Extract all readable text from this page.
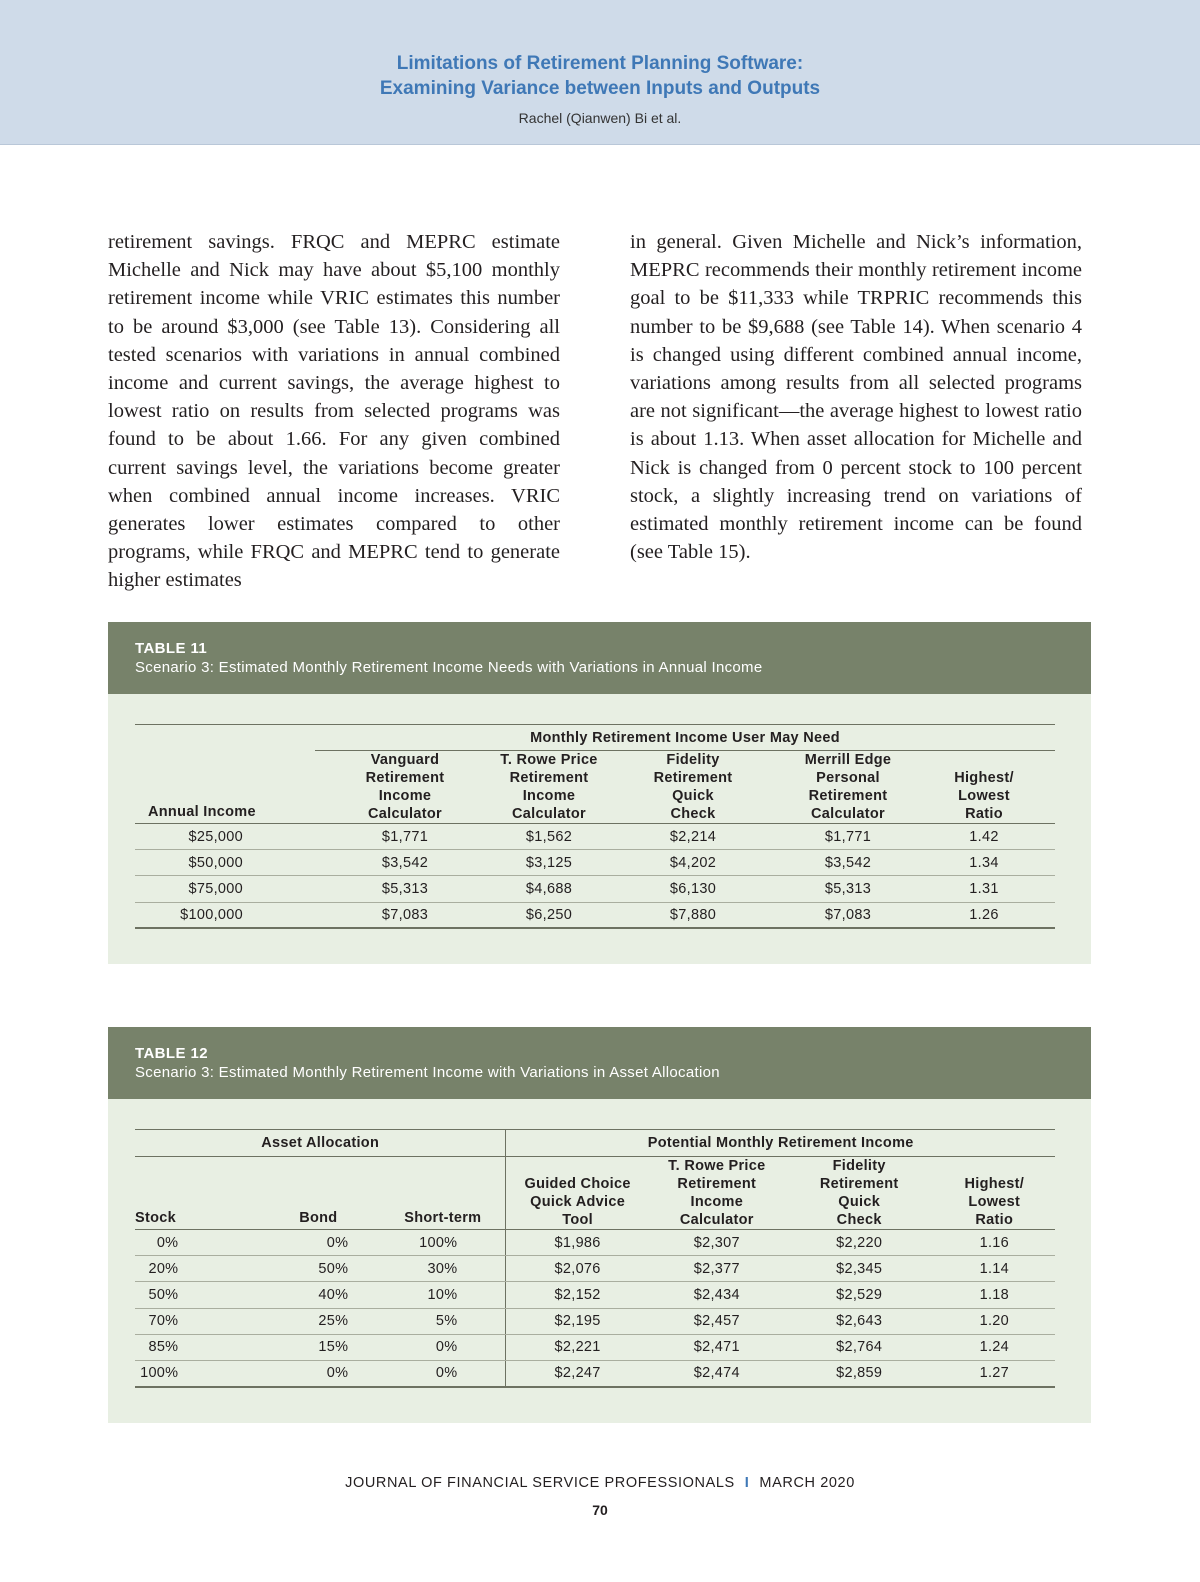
Limitations of Retirement Planning Software:
Examining Variance between Inputs and Outputs
Rachel (Qianwen) Bi et al.
retirement savings. FRQC and MEPRC estimate Michelle and Nick may have about $5,100 monthly retirement income while VRIC estimates this number to be around $3,000 (see Table 13). Considering all tested scenarios with variations in annual combined income and current savings, the average highest to lowest ratio on results from selected programs was found to be about 1.66. For any given combined current savings level, the variations become greater when combined annual income increases. VRIC generates lower estimates compared to other programs, while FRQC and MEPRC tend to generate higher estimates
in general. Given Michelle and Nick’s information, MEPRC recommends their monthly retirement income goal to be $11,333 while TRPRIC recommends this number to be $9,688 (see Table 14). When scenario 4 is changed using different combined annual income, variations among results from all selected programs are not significant—the average highest to lowest ratio is about 1.13. When asset allocation for Michelle and Nick is changed from 0 percent stock to 100 percent stock, a slightly increasing trend on variations of estimated monthly retirement income can be found (see Table 15).
TABLE 11
Scenario 3: Estimated Monthly Retirement Income Needs with Variations in Annual Income
	Monthly Retirement Income User May Need				
Annual Income	Vanguard Retirement Income Calculator	T. Rowe Price Retirement Income Calculator	Fidelity Retirement Quick Check	Merrill Edge Personal Retirement Calculator	Highest/ Lowest Ratio
$25,000	$1,771	$1,562	$2,214	$1,771	1.42
$50,000	$3,542	$3,125	$4,202	$3,542	1.34
$75,000	$5,313	$4,688	$6,130	$5,313	1.31
$100,000	$7,083	$6,250	$7,880	$7,083	1.26
TABLE 12
Scenario 3: Estimated Monthly Retirement Income with Variations in Asset Allocation
Asset Allocation			Potential Monthly Retirement Income			
Stock	Bond	Short-term	Guided Choice Quick Advice Tool	T. Rowe Price Retirement Income Calculator	Fidelity Retirement Quick Check	Highest/ Lowest Ratio
0%	0%	100%	$1,986	$2,307	$2,220	1.16
20%	50%	30%	$2,076	$2,377	$2,345	1.14
50%	40%	10%	$2,152	$2,434	$2,529	1.18
70%	25%	5%	$2,195	$2,457	$2,643	1.20
85%	15%	0%	$2,221	$2,471	$2,764	1.24
100%	0%	0%	$2,247	$2,474	$2,859	1.27
JOURNAL OF FINANCIAL SERVICE PROFESSIONALS I MARCH 2020
70
